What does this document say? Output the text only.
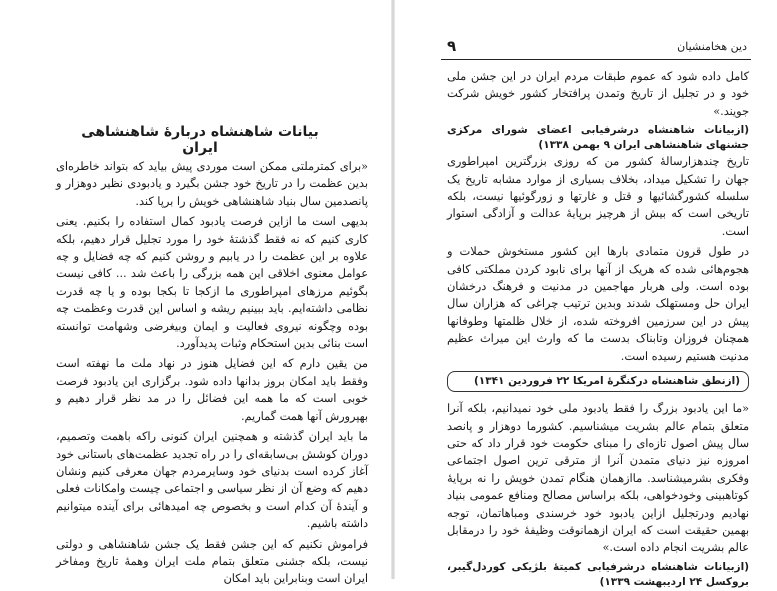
بیانات شاهنشاه دربارۀ شاهنشاهی ایران

«برای کمترملتی ممکن است موردی پیش بیاید که بتواند خاطره‌ای بدین عظمت را در تاریخ خود جشن بگیرد و یادبودی نظیر دوهزار و پانصدمین سال بنیاد شاهنشاهی خویش را برپا کند.

بدیهی است ما ازاین فرصت یادبود کمال استفاده را بکنیم. یعنی کاری کنیم که نه فقط گذشتۀ خود را مورد تجلیل قرار دهیم، بلکه علاوه بر این عظمت را در یابیم و روشن کنیم که چه فضایل و چه عوامل معنوی اخلاقی این همه بزرگی را باعث شد ... کافی نیست بگوئیم مرزهای امپراطوری ما ازکجا تا بکجا بوده و یا چه قدرت نظامی داشته‌ایم. باید ببینیم ریشه و اساس این قدرت وعظمت چه بوده وچگونه نیروی فعالیت و ایمان وبیغرضی وشهامت توانسته است بنائی بدین استحکام وثبات پدیدآورد.

من یقین دارم که این فضایل هنوز در نهاد ملت ما نهفته است وفقط باید امکان بروز بدانها داده شود. برگزاری این یادبود فرصت خوبی است که ما همه این فضائل را در مد نظر قرار دهیم و بهپرورش آنها همت گماریم.

ما باید ایران گذشته و همچنین ایران کنونی راکه باهمت وتصمیم، دوران کوشش بی‌سابقه‌ای را در راه تجدید عظمت‌های باستانی خود آغاز کرده است بدنیای خود وسایرمردم جهان معرفی کنیم ونشان دهیم که وضع آن از نظر سیاسی و اجتماعی چیست وامکانات فعلی و آیندۀ آن کدام است و بخصوص چه امیدهائی برای آینده میتوانیم داشته باشیم.

فراموش نکنیم که این جشن فقط یک جشن شاهنشاهی و دولتی نیست، بلکه جشنی متعلق بتمام ملت ایران وهمۀ تاریخ ومفاخر ایران است وبنابراین باید امکان

۹	دین هخامنشیان

کامل داده شود که عموم طبقات مردم ایران در این جشن ملی خود و در تجلیل از تاریخ وتمدن پرافتخار کشور خویش شرکت جویند.»

(ازبیانات شاهنشاه درشرفیابی اعضای شورای مرکزی جشنهای شاهنشاهی ایران ۹ بهمن ۱۳۳۸)

تاریخ چندهزارسالۀ کشور من که روزی بزرگترین امپراطوری جهان را تشکیل میداد، بخلاف بسیاری از موارد مشابه تاریخ یک سلسله کشورگشائیها و قتل و غارتها و زورگوئیها نیست، بلکه تاریخی است که بیش از هرچیز برپایۀ عدالت و آزادگی استوار است.

در طول قرون متمادی بارها این کشور مستخوش حملات و هجوم‌هائی شده که هریک از آنها برای نابود کردن مملکتی کافی بوده است. ولی هربار مهاجمین در مدنیت و فرهنگ درخشان ایران حل ومستهلک شدند وبدین ترتیب چراغی که هزاران سال پیش در این سرزمین افروخته شده، از خلال ظلمتها وطوفانها همچنان فروزان وتابناک بدست ما که وارث این میراث عظیم مدنیت هستیم رسیده است.

(ازنطق شاهنشاه درکنگرۀ امریکا ۲۲ فروردین ۱۳۴۱)

«ما این یادبود بزرگ را فقط یادبود ملی خود نمیدانیم، بلکه آنرا متعلق بتمام عالم بشریت میشناسیم. کشورما دوهزار و پانصد سال پیش اصول تازه‌ای را مبنای حکومت خود قرار داد که حتی امروزه نیز دنیای متمدن آنرا از مترقی ترین اصول اجتماعی وفکری بشرمیشناسد. ماازهمان هنگام تمدن خویش را نه برپایۀ کوتاهبینی وخودخواهی، بلکه براساس مصالح ومنافع عمومی بنیاد نهادیم ودرتجلیل ازاین یادبود خود خرسندی ومباهاتمان، توجه بهمین حقیقت است که ایران ازهمانوقت وظیفۀ خود را درمقابل عالم بشریت انجام داده است.»

(ازبیانات شاهنشاه درشرفیابی کمیتۀ بلژیکی کوردل‌گیبر، بروکسل ۲۴ اردیبهشت ۱۳۳۹)
